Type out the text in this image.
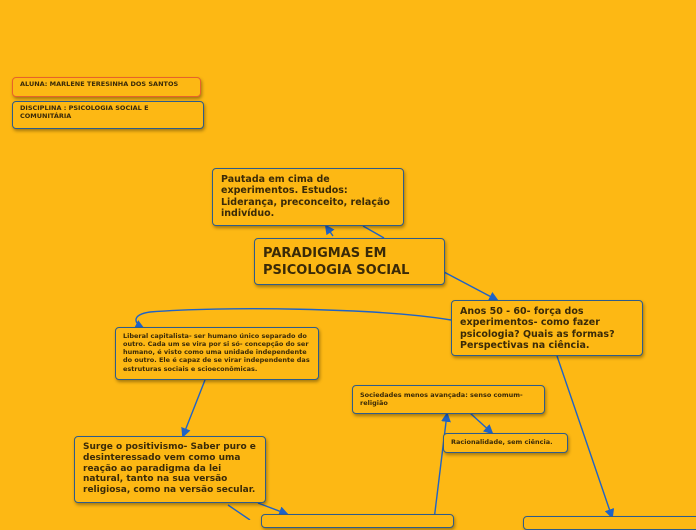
ALUNA: MARLENE TERESINHA DOS SANTOS
DISCIPLINA : PSICOLOGIA SOCIAL E COMUNITÁRIA
Pautada em cima de experimentos. Estudos: Liderança, preconceito, relação indivíduo.
PARADIGMAS EM PSICOLOGIA SOCIAL
Anos 50 - 60- força dos experimentos- como fazer psicologia? Quais as formas? Perspectivas na ciência.
Liberal capitalista- ser humano único separado do outro. Cada um se vira por si só- concepção do ser humano, é visto como uma unidade independente do outro. Ele é capaz de se virar independente das estruturas sociais e scioeconômicas.
Sociedades menos avançada: senso comum- religião
Racionalidade, sem ciência.
Surge o positivismo- Saber puro e desinteressado vem como uma reação ao paradigma da lei natural, tanto na sua versão religiosa, como na versão secular.
